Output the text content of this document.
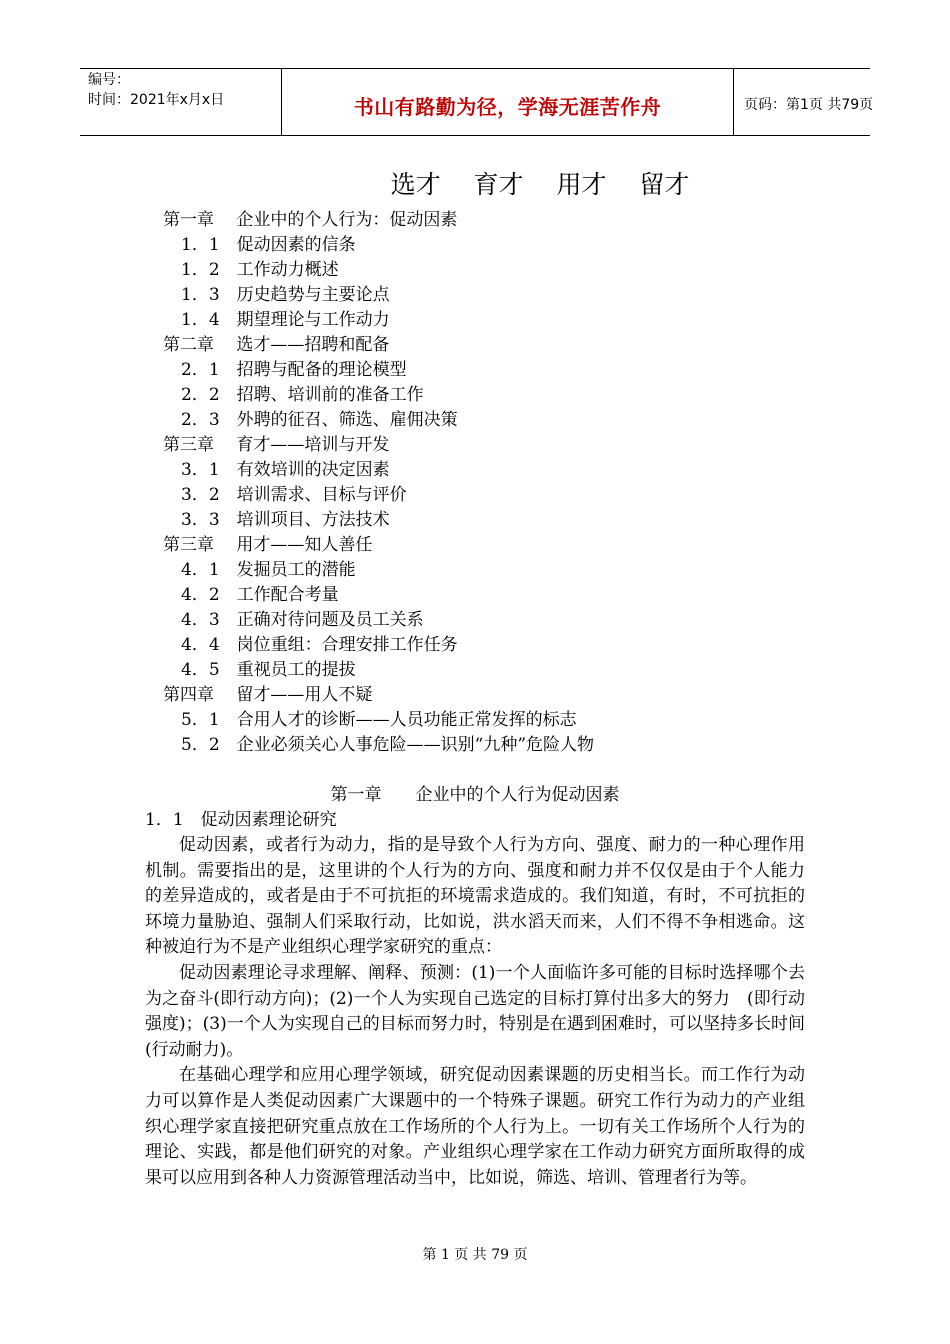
编号：
时间：2021年x月x日	书山有路勤为径，学海无涯苦作舟	页码：第1页 共79页
选才　 育才　 用才　 留才
第一章　 企业中的个人行为：促动因素
1．1　促动因素的信条
1．2　工作动力概述
1．3　历史趋势与主要论点
1．4　期望理论与工作动力
第二章　 选才——招聘和配备
2．1　招聘与配备的理论模型
2．2　招聘、培训前的准备工作
2．3　外聘的征召、筛选、雇佣决策
第三章　 育才——培训与开发
3．1　有效培训的决定因素
3．2　培训需求、目标与评价
3．3　培训项目、方法技术
第三章　 用才——知人善任
4．1　发掘员工的潜能
4．2　工作配合考量
4．3　正确对待问题及员工关系
4．4　岗位重组：合理安排工作任务
4．5　重视员工的提拔
第四章　 留才——用人不疑
5．1　合用人才的诊断——人员功能正常发挥的标志
5．2　企业必须关心人事危险——识别“九种”危险人物
第一章　　企业中的个人行为促动因素
1．1　促动因素理论研究

促动因素，或者行为动力，指的是导致个人行为方向、强度、耐力的一种心理作用机制。需要指出的是，这里讲的个人行为的方向、强度和耐力并不仅仅是由于个人能力的差异造成的，或者是由于不可抗拒的环境需求造成的。我们知道，有时，不可抗拒的环境力量胁迫、强制人们采取行动，比如说，洪水滔天而来，人们不得不争相逃命。这种被迫行为不是产业组织心理学家研究的重点：

促动因素理论寻求理解、阐释、预测：(1)一个人面临许多可能的目标时选择哪个去为之奋斗(即行动方向)；(2)一个人为实现自己选定的目标打算付出多大的努力　(即行动强度)；(3)一个人为实现自己的目标而努力时，特别是在遇到困难时，可以坚持多长时间(行动耐力)。

在基础心理学和应用心理学领域，研究促动因素课题的历史相当长。而工作行为动力可以算作是人类促动因素广大课题中的一个特殊子课题。研究工作行为动力的产业组织心理学家直接把研究重点放在工作场所的个人行为上。一切有关工作场所个人行为的理论、实践，都是他们研究的对象。产业组织心理学家在工作动力研究方面所取得的成果可以应用到各种人力资源管理活动当中，比如说，筛选、培训、管理者行为等。

第 1 页 共 79 页
